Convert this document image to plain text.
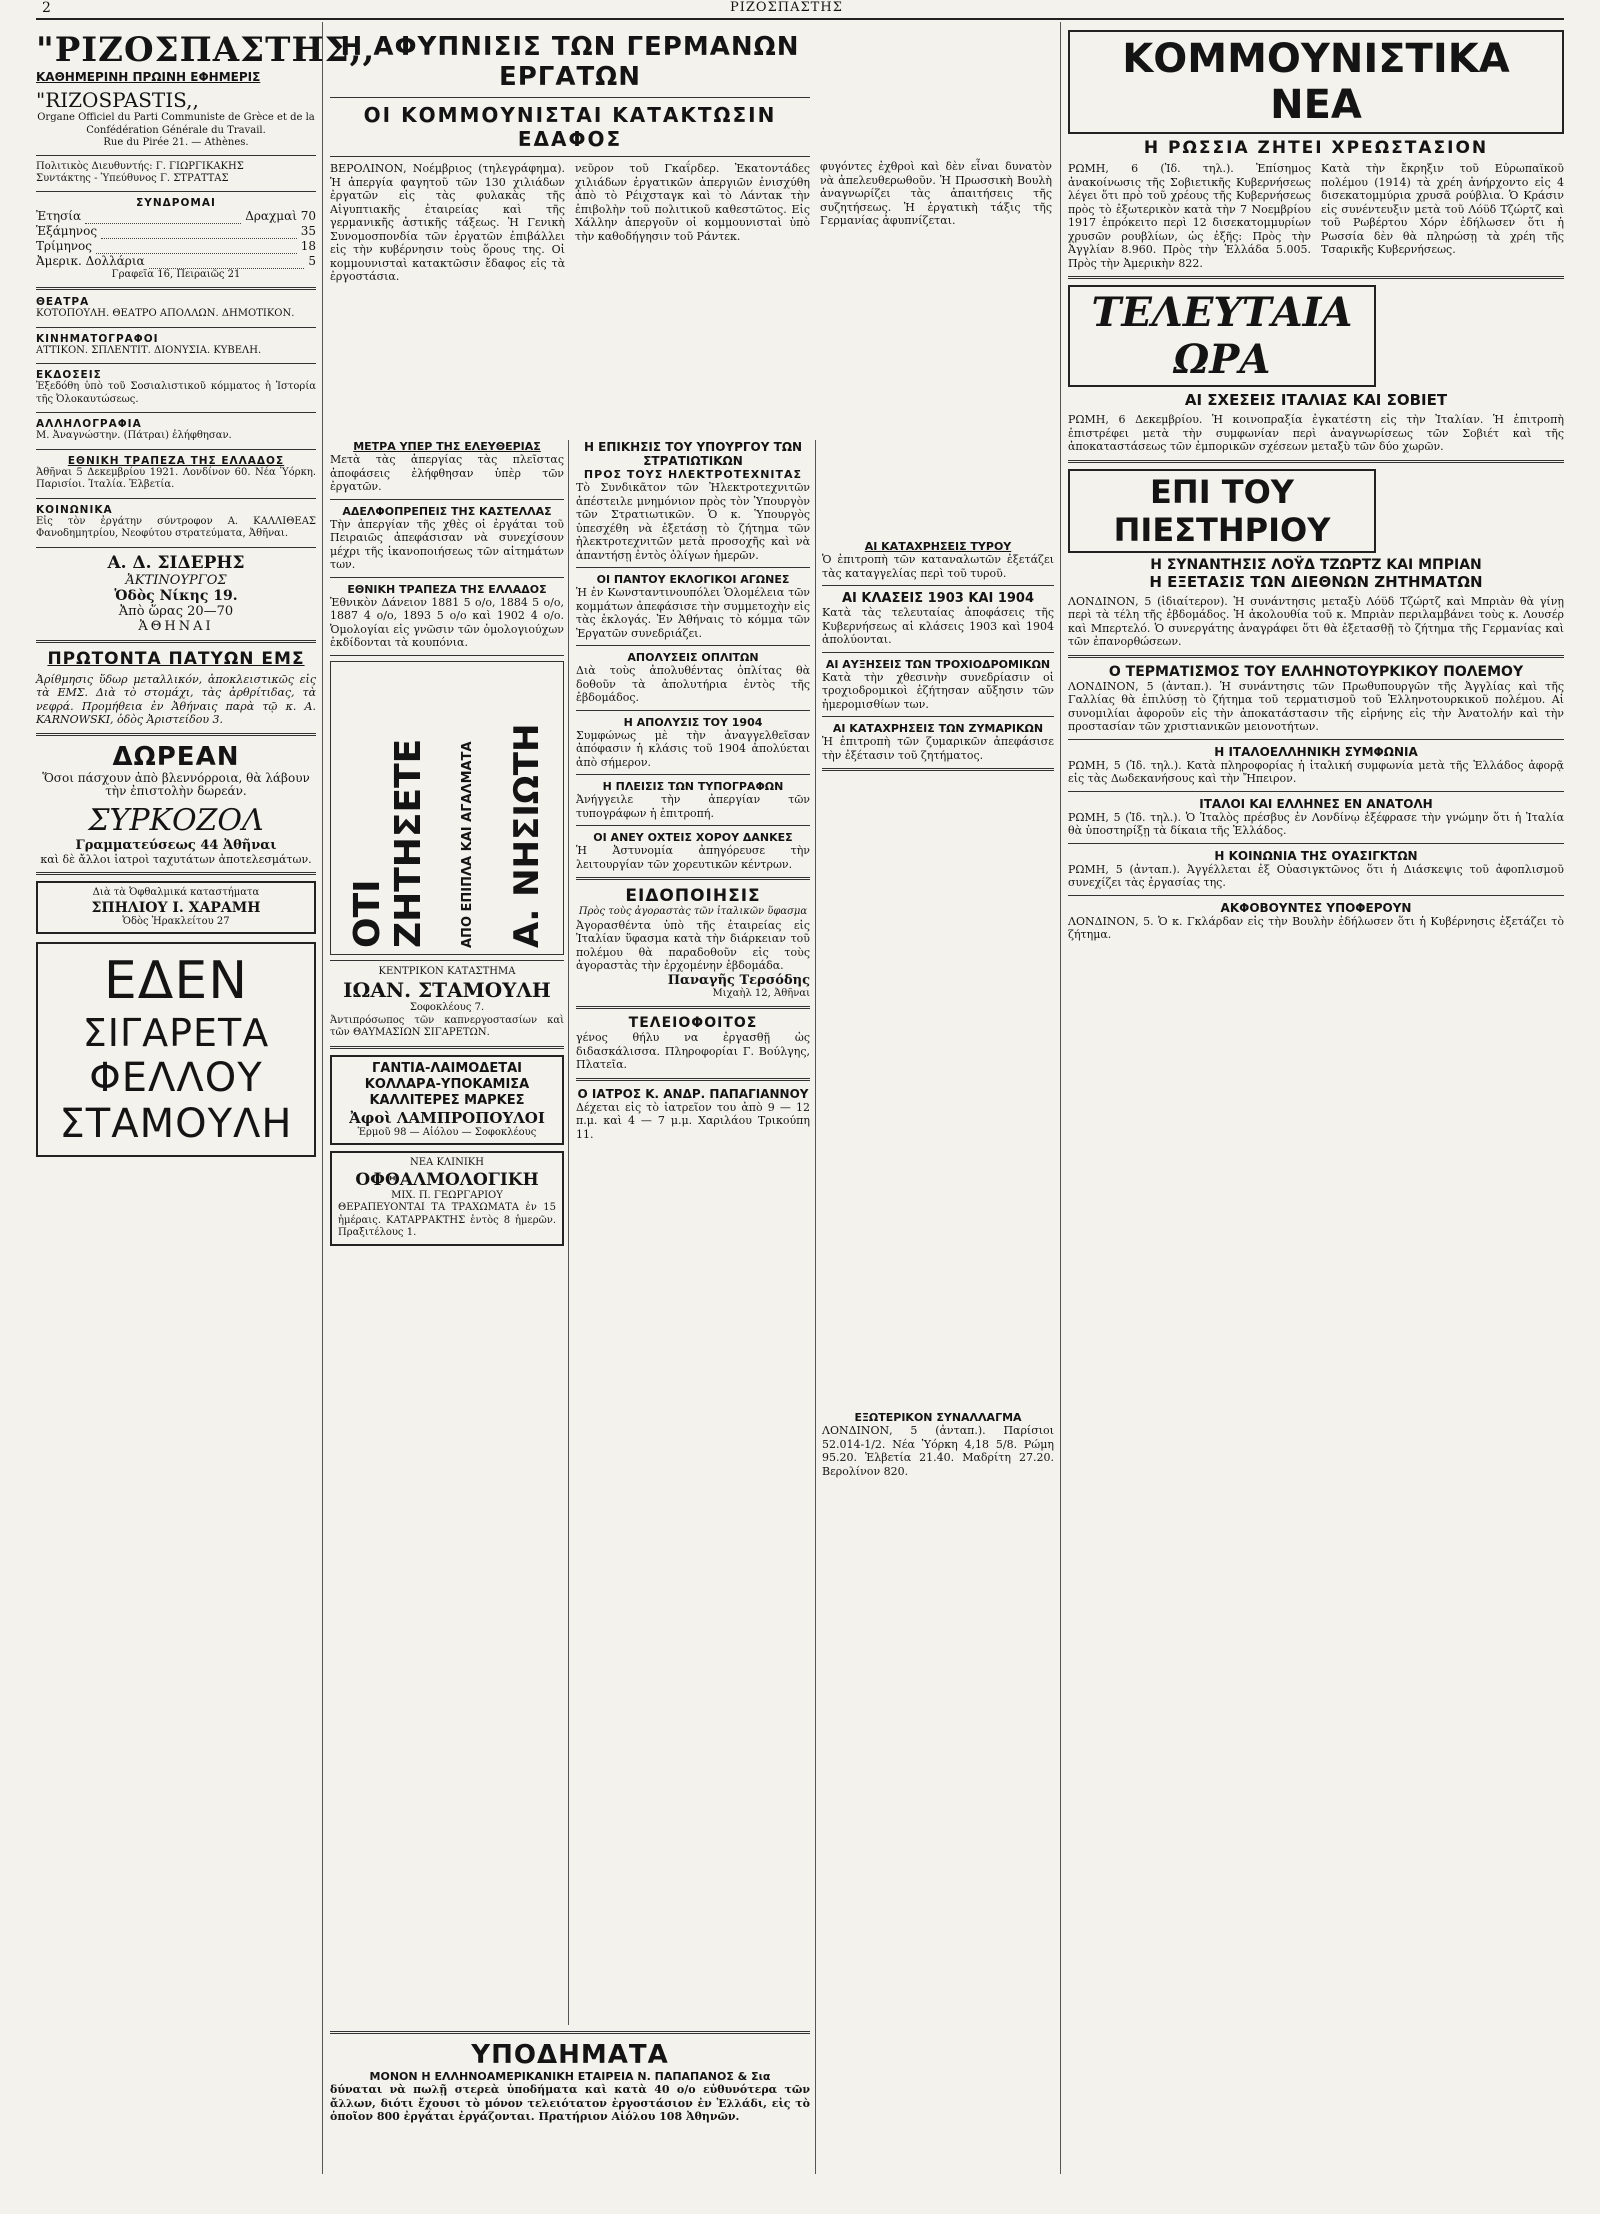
2	ΡΙΖΟΣΠΑΣΤΗΣ
"ΡΙΖΟΣΠΑΣΤΗΣ,,
ΚΑΘΗΜΕΡΙΝΗ ΠΡΩΙΝΗ ΕΦΗΜΕΡΙΣ
"RIZOSPASTIS,,
Organe Officiel du Parti Communiste de Grèce et de la Confédération Générale du Travail.
Rue du Pirée 21. — Athènes.
Πολιτικὸς Διευθυντής: Γ. ΓΙΩΡΓΙΚΑΚΗΣ
Συντάκτης - Ὑπεύθυνος Γ. ΣΤΡΑΤΤΑΣ
ΣΥΝΔΡΟΜΑΙ
Ἐτησία	Δραχμαὶ 70
Ἑξάμηνος	35
Τρίμηνος	18
Ἀμερικ. Δολλάρια	5
Γραφεῖα 16, Πειραιῶς 21
ΘΕΑΤΡΑ
ΚΟΤΟΠΟΥΛΗ. ΘΕΑΤΡΟ ΑΠΟΛΛΩΝ. ΔΗΜΟΤΙΚΟΝ.
ΚΙΝΗΜΑΤΟΓΡΑΦΟΙ
ΑΤΤΙΚΟΝ. ΣΠΛΕΝΤΙΤ. ΔΙΟΝΥΣΙΑ. ΚΥΒΕΛΗ.
ΕΚΔΟΣΕΙΣ
Ἐξεδόθη ὑπὸ τοῦ Σοσιαλιστικοῦ κόμματος ἡ Ἱστορία τῆς Ὀλοκαυτώσεως.
ΑΛΛΗΛΟΓΡΑΦΙΑ
Μ. Ἀναγνώστην. (Πάτραι) ἐλήφθησαν.
ΕΘΝΙΚΗ ΤΡΑΠΕΖΑ ΤΗΣ ΕΛΛΑΔΟΣ
Ἀθῆναι 5 Δεκεμβρίου 1921. Λονδίνον 60. Νέα Ὑόρκη. Παρισίοι. Ἰταλία. Ἑλβετία.
ΚΟΙΝΩΝΙΚΑ
Εἰς τὸν ἐργάτην σύντροφον Α. ΚΑΛΛΙΘΕΑΣ Φανοδημητρίου, Νεοφύτου στρατεύματα, Ἀθῆναι.
Α. Δ. ΣΙΔΕΡΗΣ
ἈΚΤΙΝΟΥΡΓΟΣ
Ὁδὸς Νίκης 19.
Ἀπὸ ὥρας 20—70
ἈΘΗΝΑΙ
ΠΡΩΤΟΝΤΑ ΠΑΤΥΩΝ ΕΜΣ
Ἀρίθμησις ὕδωρ μεταλλικόν, ἀποκλειστικῶς εἰς τὰ ΕΜΣ. Διὰ τὸ στομάχι, τὰς ἀρθρίτιδας, τὰ νεφρά. Προμήθεια ἐν Ἀθήναις παρὰ τῷ κ. A. KARNOWSKI, ὁδὸς Ἀριστείδου 3.
ΔΩΡΕΑΝ
Ὅσοι πάσχουν ἀπὸ βλεννόρροια, θὰ λάβουν τὴν ἐπιστολὴν δωρεάν.
ΣΥΡΚΟΖΟΛ
Γραμματεύσεως 44 Ἀθῆναι
καὶ δὲ ἄλλοι ἰατροὶ ταχυτάτων ἀποτελεσμάτων.
Διὰ τὰ Ὀφθαλμικά καταστήματα
ΣΠΗΛΙΟΥ Ι. ΧΑΡΑΜΗ
Ὁδὸς Ἡρακλείτου 27
ΕΔΕΝ
ΣΙΓΑΡΕΤΑ
ΦΕΛΛΟΥ
ΣΤΑΜΟΥΛΗ
Η ΑΦΥΠΝΙΣΙΣ ΤΩΝ ΓΕΡΜΑΝΩΝ ΕΡΓΑΤΩΝ
ΟΙ ΚΟΜΜΟΥΝΙΣΤΑΙ ΚΑΤΑΚΤΩΣΙΝ ΕΔΑΦΟΣ
ΒΕΡΟΛΙΝΟΝ, Νοέμβριος (τηλεγράφημα). Ἡ ἀπεργία φαγητοῦ τῶν 130 χιλιάδων ἐργατῶν εἰς τὰς φυλακὰς τῆς Αἰγυπτιακῆς ἐταιρείας καὶ τῆς γερμανικῆς ἀστικῆς τάξεως. Ἡ Γενικὴ Συνομοσπονδία τῶν ἐργατῶν ἐπιβάλλει εἰς τὴν κυβέρνησιν τοὺς ὅρους της. Οἱ κομμουνισταὶ κατακτῶσιν ἔδαφος εἰς τὰ ἐργοστάσια.
νεῦρον τοῦ Γκαΐρδερ. Ἐκατοντάδες χιλιάδων ἐργατικῶν ἀπεργιῶν ἐνισχύθη ἀπὸ τὸ Ρέιχσταγκ καὶ τὸ Λάντακ τὴν ἐπιβολὴν τοῦ πολιτικοῦ καθεστῶτος. Εἰς Χάλλην ἀπεργοῦν οἱ κομμουνισταὶ ὑπὸ τὴν καθοδήγησιν τοῦ Ράντεκ.
φυγόντες ἐχθροὶ καὶ δὲν εἶναι δυνατὸν νὰ ἀπελευθερωθοῦν. Ἡ Πρωσσικὴ Βουλὴ ἀναγνωρίζει τὰς ἀπαιτήσεις τῆς συζητήσεως. Ἡ ἐργατικὴ τάξις τῆς Γερμανίας ἀφυπνίζεται.
ΜΕΤΡΑ ΥΠΕΡ ΤΗΣ ΕΛΕΥΘΕΡΙΑΣ
Μετὰ τὰς ἀπεργίας τὰς πλεῖστας ἀποφάσεις ἐλήφθησαν ὑπὲρ τῶν ἐργατῶν.
ΑΔΕΛΦΟΠΡΕΠΕΙΣ ΤΗΣ ΚΑΣΤΕΛΛΑΣ
Τὴν ἀπεργίαν τῆς χθὲς οἱ ἐργάται τοῦ Πειραιῶς ἀπεφάσισαν νὰ συνεχίσουν μέχρι τῆς ἱκανοποιήσεως τῶν αἰτημάτων των.
ΕΘΝΙΚΗ ΤΡΑΠΕΖΑ ΤΗΣ ΕΛΛΑΔΟΣ
Ἐθνικὸν Δάνειον 1881 5 ο/ο, 1884 5 ο/ο, 1887 4 ο/ο, 1893 5 ο/ο καὶ 1902 4 ο/ο. Ὁμολογίαι εἰς γνῶσιν τῶν ὁμολογιούχων ἐκδίδονται τὰ κουπόνια.
ΟΤΙ ΖΗΤΗΣΕΤΕ ΑΠΟ ΕΠΙΠΛΑ ΚΑΙ ΑΓΑΛΜΑΤΑ Α. ΝΗΣΙΩΤΗ
ΚΕΝΤΡΙΚΟΝ ΚΑΤΑΣΤΗΜΑ
ΙΩΑΝ. ΣΤΑΜΟΥΛΗ
Σοφοκλέους 7.
Ἀντιπρόσωπος τῶν καπνεργοστασίων καὶ τῶν ΘΑΥΜΑΣΙΩΝ ΣΙΓΑΡΕΤΩΝ.
ΓΑΝΤΙΑ-ΛΑΙΜΟΔΕΤΑΙ ΚΟΛΛΑΡΑ-ΥΠΟΚΑΜΙΣΑ ΚΑΛΛΙΤΕΡΕΣ ΜΑΡΚΕΣ
Ἀφοὶ ΛΑΜΠΡΟΠΟΥΛΟΙ
Ἑρμοῦ 98 — Αἰόλου — Σοφοκλέους
ΝΕΑ ΚΛΙΝΙΚΗ
ΟΦΘΑΛΜΟΛΟΓΙΚΗ
ΜΙΧ. Π. ΓΕΩΡΓΑΡΙΟΥ
ΘΕΡΑΠΕΥΟΝΤΑΙ ΤΑ ΤΡΑΧΩΜΑΤΑ ἐν 15 ἡμέραις. ΚΑΤΑΡΡΑΚΤΗΣ ἐντὸς 8 ἡμερῶν. Πραξιτέλους 1.
ΥΠΟΔΗΜΑΤΑ
ΜΟΝΟΝ Η ΕΛΛΗΝΟΑΜΕΡΙΚΑΝΙΚΗ ΕΤΑΙΡΕΙΑ Ν. ΠΑΠΑΠΑΝΟΣ & Σια
δύναται νὰ πωλῇ στερεὰ ὑποδήματα καὶ κατὰ 40 ο/ο εὐθυνότερα τῶν ἄλλων, διότι ἔχουσι τὸ μόνον τελειότατον ἐργοστάσιον ἐν Ἑλλάδι, εἰς τὸ ὁποῖον 800 ἐργάται ἐργάζονται. Πρατήριον Αἰόλου 108 Ἀθηνῶν.
Η ΕΠΙΚΗΣΙΣ ΤΟΥ ΥΠΟΥΡΓΟΥ ΤΩΝ ΣΤΡΑΤΙΩΤΙΚΩΝ
ΠΡΟΣ ΤΟΥΣ ΗΛΕΚΤΡΟΤΕΧΝΙΤΑΣ
Τὸ Συνδικᾶτον τῶν Ἠλεκτροτεχνιτῶν ἀπέστειλε μνημόνιον πρὸς τὸν Ὑπουργὸν τῶν Στρατιωτικῶν. Ὁ κ. Ὑπουργὸς ὑπεσχέθη νὰ ἐξετάσῃ τὸ ζήτημα τῶν ἡλεκτροτεχνιτῶν μετὰ προσοχῆς καὶ νὰ ἀπαντήσῃ ἐντὸς ὀλίγων ἡμερῶν.
ΟΙ ΠΑΝΤΟΥ ΕΚΛΟΓΙΚΟΙ ΑΓΩΝΕΣ
Ἡ ἐν Κωνσταντινουπόλει Ὁλομέλεια τῶν κομμάτων ἀπεφάσισε τὴν συμμετοχὴν εἰς τὰς ἐκλογάς. Ἐν Ἀθήναις τὸ κόμμα τῶν Ἐργατῶν συνεδριάζει.
ΑΠΟΛΥΣΕΙΣ ΟΠΛΙΤΩΝ
Διὰ τοὺς ἀπολυθέντας ὁπλίτας θὰ δοθοῦν τὰ ἀπολυτήρια ἐντὸς τῆς ἑβδομάδος.
Η ΑΠΟΛΥΣΙΣ ΤΟΥ 1904
Συμφώνως μὲ τὴν ἀναγγελθεῖσαν ἀπόφασιν ἡ κλάσις τοῦ 1904 ἀπολύεται ἀπὸ σήμερον.
Η ΠΛΕΙΣΙΣ ΤΩΝ ΤΥΠΟΓΡΑΦΩΝ
Ἀνήγγειλε τὴν ἀπεργίαν τῶν τυπογράφων ἡ ἐπιτροπή.
ΟΙ ΑΝΕΥ ΟΧΤΕΙΣ ΧΟΡΟΥ ΔΑΝΚΕΣ
Ἡ Ἀστυνομία ἀπηγόρευσε τὴν λειτουργίαν τῶν χορευτικῶν κέντρων.
ΕΙΔΟΠΟΙΗΣΙΣ
Πρὸς τοὺς ἀγοραστὰς τῶν ἰταλικῶν ὕφασμα
Ἀγορασθέντα ὑπὸ τῆς ἐταιρείας εἰς Ἰταλίαν ὕφασμα κατὰ τὴν διάρκειαν τοῦ πολέμου θὰ παραδοθοῦν εἰς τοὺς ἀγοραστὰς τὴν ἐρχομένην ἑβδομάδα.
Παναγῆς Τερσόδης
Μιχαὴλ 12, Ἀθῆναι
ΤΕΛΕΙΟΦΟΙΤΟΣ
γένος θήλυ να ἐργασθῇ ὡς διδασκάλισσα. Πληροφορίαι Γ. Βούλγης, Πλατεῖα.
Ο ΙΑΤΡΟΣ Κ. ΑΝΔΡ. ΠΑΠΑΓΙΑΝΝΟΥ
Δέχεται εἰς τὸ ἰατρεῖον του ἀπὸ 9 — 12 π.μ. καὶ 4 — 7 μ.μ. Χαριλάου Τρικούπη 11.
ΑΙ ΚΑΤΑΧΡΗΣΕΙΣ ΤΥΡΟΥ
Ὁ ἐπιτροπὴ τῶν καταναλωτῶν ἐξετάζει τὰς καταγγελίας περὶ τοῦ τυροῦ.
ΑΙ ΚΛΑΣΕΙΣ 1903 ΚΑΙ 1904
Κατὰ τὰς τελευταίας ἀποφάσεις τῆς Κυβερνήσεως αἱ κλάσεις 1903 καὶ 1904 ἀπολύονται.
ΑΙ ΑΥΞΗΣΕΙΣ ΤΩΝ ΤΡΟΧΙΟΔΡΟΜΙΚΩΝ
Κατὰ τὴν χθεσινὴν συνεδρίασιν οἱ τροχιοδρομικοὶ ἐζήτησαν αὔξησιν τῶν ἡμερομισθίων των.
ΑΙ ΚΑΤΑΧΡΗΣΕΙΣ ΤΩΝ ΖΥΜΑΡΙΚΩΝ
Ἡ ἐπιτροπὴ τῶν ζυμαρικῶν ἀπεφάσισε τὴν ἐξέτασιν τοῦ ζητήματος.
ΕΞΩΤΕΡΙΚΟΝ ΣΥΝΑΛΛΑΓΜΑ
ΛΟΝΔΙΝΟΝ, 5 (ἀνταπ.). Παρίσιοι 52.014-1/2. Νέα Ὑόρκη 4,18 5/8. Ρώμη 95.20. Ἑλβετία 21.40. Μαδρίτη 27.20. Βερολίνον 820.
ΚΟΜΜΟΥΝΙΣΤΙΚΑ ΝΕΑ
Η ΡΩΣΣΙΑ ΖΗΤΕΙ ΧΡΕΩΣΤΑΣΙΟΝ
ΡΩΜΗ, 6 (Ἰδ. τηλ.). Ἐπίσημος ἀνακοίνωσις τῆς Σοβιετικῆς Κυβερνήσεως λέγει ὅτι πρὸ τοῦ χρέους τῆς Κυβερνήσεως πρὸς τὸ ἐξωτερικὸν κατὰ τὴν 7 Νοεμβρίου 1917 ἐπρόκειτο περὶ 12 δισεκατομμυρίων χρυσῶν ρουβλίων, ὡς ἐξῆς: Πρὸς τὴν Ἀγγλίαν 8.960. Πρὸς τὴν Ἑλλάδα 5.005. Πρὸς τὴν Ἀμερικὴν 822.
Κατὰ τὴν ἔκρηξιν τοῦ Εὐρωπαϊκοῦ πολέμου (1914) τὰ χρέη ἀνήρχοντο εἰς 4 δισεκατομμύρια χρυσᾶ ρούβλια. Ὁ Κράσιν εἰς συνέντευξιν μετὰ τοῦ Λόϋδ Τζώρτζ καὶ τοῦ Ρωβέρτου Χόρν ἐδήλωσεν ὅτι ἡ Ρωσσία δὲν θὰ πληρώσῃ τὰ χρέη τῆς Τσαρικῆς Κυβερνήσεως.
ΤΕΛΕΥΤΑΙΑ ΩΡΑ
ΑΙ ΣΧΕΣΕΙΣ ΙΤΑΛΙΑΣ ΚΑΙ ΣΟΒΙΕΤ
ΡΩΜΗ, 6 Δεκεμβρίου. Ἡ κοινοπραξία ἐγκατέστη εἰς τὴν Ἰταλίαν. Ἡ ἐπιτροπὴ ἐπιστρέφει μετὰ τὴν συμφωνίαν περὶ ἀναγνωρίσεως τῶν Σοβιέτ καὶ τῆς ἀποκαταστάσεως τῶν ἐμπορικῶν σχέσεων μεταξὺ τῶν δύο χωρῶν.
ΕΠΙ ΤΟΥ ΠΙΕΣΤΗΡΙΟΥ
Η ΣΥΝΑΝΤΗΣΙΣ ΛΟΫΔ ΤΖΩΡΤΖ ΚΑΙ ΜΠΡΙΑΝ
Η ΕΞΕΤΑΣΙΣ ΤΩΝ ΔΙΕΘΝΩΝ ΖΗΤΗΜΑΤΩΝ
ΛΟΝΔΙΝΟΝ, 5 (ἰδιαίτερον). Ἡ συνάντησις μεταξὺ Λόϋδ Τζώρτζ καὶ Μπριὰν θὰ γίνῃ περὶ τὰ τέλη τῆς ἐβδομάδος. Ἡ ἀκολουθία τοῦ κ. Μπριὰν περιλαμβάνει τοὺς κ. Λουσέρ καὶ Μπερτελό. Ὁ συνεργάτης ἀναγράφει ὅτι θὰ ἐξετασθῇ τὸ ζήτημα τῆς Γερμανίας καὶ τῶν ἐπανορθώσεων.
Ο ΤΕΡΜΑΤΙΣΜΟΣ ΤΟΥ ΕΛΛΗΝΟΤΟΥΡΚΙΚΟΥ ΠΟΛΕΜΟΥ
ΛΟΝΔΙΝΟΝ, 5 (ἀνταπ.). Ἡ συνάντησις τῶν Πρωθυπουργῶν τῆς Ἀγγλίας καὶ τῆς Γαλλίας θὰ ἐπιλύσῃ τὸ ζήτημα τοῦ τερματισμοῦ τοῦ Ἑλληνοτουρκικοῦ πολέμου. Αἱ συνομιλίαι ἀφοροῦν εἰς τὴν ἀποκατάστασιν τῆς εἰρήνης εἰς τὴν Ἀνατολήν καὶ τὴν προστασίαν τῶν χριστιανικῶν μειονοτήτων.
Η ΙΤΑΛΟΕΛΛΗΝΙΚΗ ΣΥΜΦΩΝΙΑ
ΡΩΜΗ, 5 (Ἰδ. τηλ.). Κατὰ πληροφορίας ἡ ἰταλική συμφωνία μετὰ τῆς Ἑλλάδος ἀφορᾷ εἰς τὰς Δωδεκανήσους καὶ τὴν Ἤπειρον.
ΙΤΑΛΟΙ ΚΑΙ ΕΛΛΗΝΕΣ ΕΝ ΑΝΑΤΟΛΗ
ΡΩΜΗ, 5 (Ἰδ. τηλ.). Ὁ Ἰταλὸς πρέσβυς ἐν Λονδίνῳ ἐξέφρασε τὴν γνώμην ὅτι ἡ Ἰταλία θὰ ὑποστηρίξῃ τὰ δίκαια τῆς Ἑλλάδος.
Η ΚΟΙΝΩΝΙΑ ΤΗΣ ΟΥΑΣΙΓΚΤΩΝ
ΡΩΜΗ, 5 (ἀνταπ.). Ἀγγέλλεται ἐξ Οὐασιγκτῶνος ὅτι ἡ Διάσκεψις τοῦ ἀφοπλισμοῦ συνεχίζει τὰς ἐργασίας της.
ΑΚΦΟΒΟΥΝΤΕΣ ΥΠΟΦΕΡΟΥΝ
ΛΟΝΔΙΝΟΝ, 5. Ὁ κ. Γκλάρδαν εἰς τὴν Βουλὴν ἐδήλωσεν ὅτι ἡ Κυβέρνησις ἐξετάζει τὸ ζήτημα.
